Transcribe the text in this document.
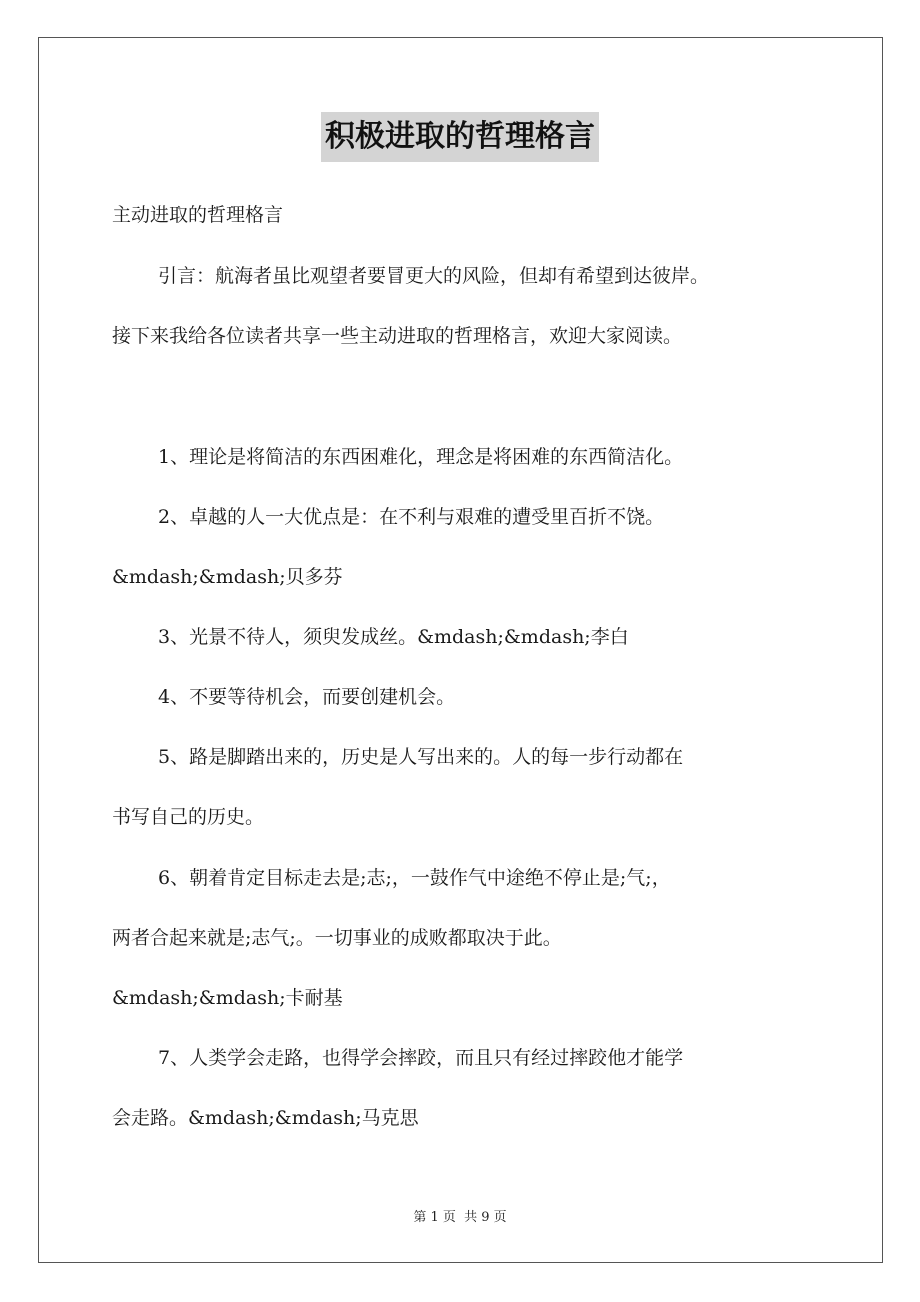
积极进取的哲理格言
主动进取的哲理格言
引言：航海者虽比观望者要冒更大的风险，但却有希望到达彼岸。
接下来我给各位读者共享一些主动进取的哲理格言，欢迎大家阅读。
1、理论是将简洁的东西困难化，理念是将困难的东西简洁化。
2、卓越的人一大优点是：在不利与艰难的遭受里百折不饶。
&mdash;&mdash;贝多芬
3、光景不待人，须臾发成丝。&mdash;&mdash;李白
4、不要等待机会，而要创建机会。
5、路是脚踏出来的，历史是人写出来的。人的每一步行动都在
书写自己的历史。
6、朝着肯定目标走去是;志;，一鼓作气中途绝不停止是;气;，
两者合起来就是;志气;。一切事业的成败都取决于此。
&mdash;&mdash;卡耐基
7、人类学会走路，也得学会摔跤，而且只有经过摔跤他才能学
会走路。&mdash;&mdash;马克思
第 1 页 共 9 页
